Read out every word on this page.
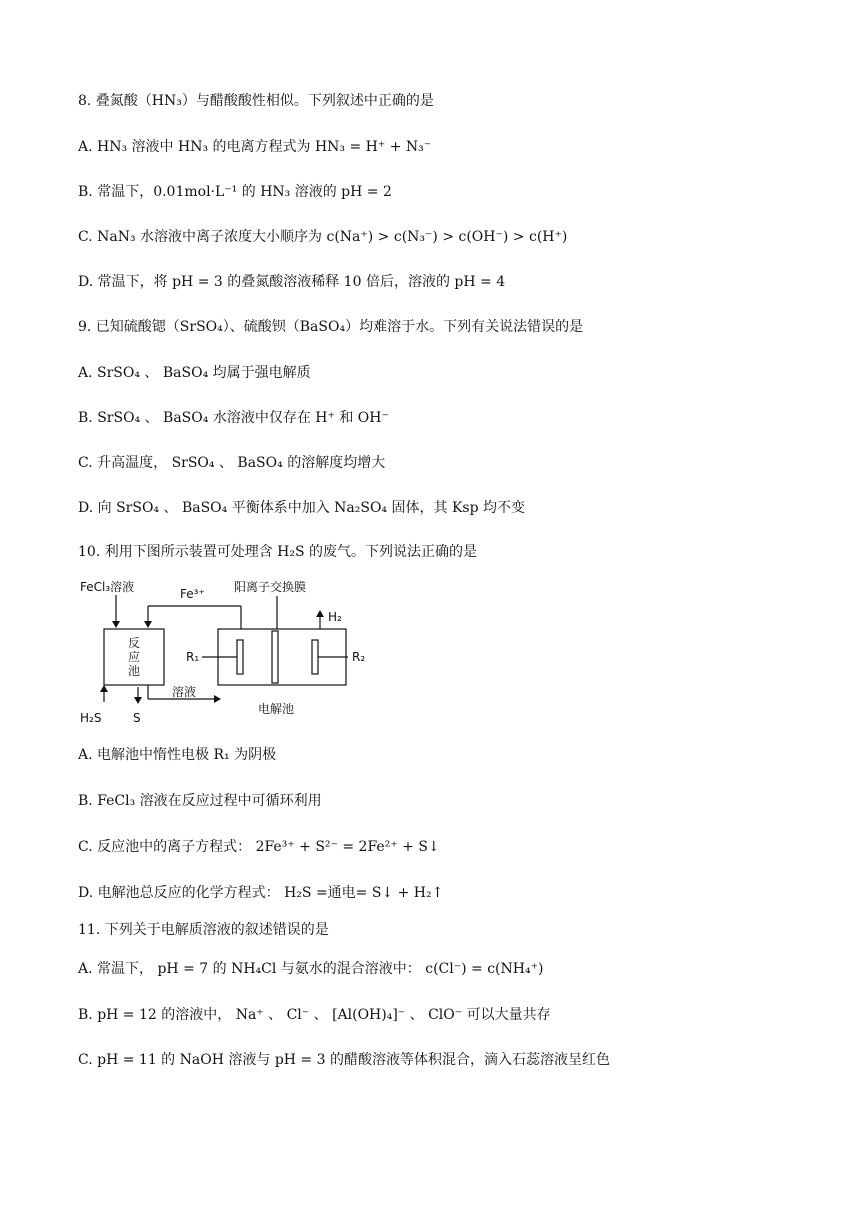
8. 叠氮酸（HN₃）与醋酸酸性相似。下列叙述中正确的是
A. HN₃ 溶液中 HN₃ 的电离方程式为 HN₃ = H⁺ + N₃⁻
B. 常温下，0.01mol·L⁻¹ 的 HN₃ 溶液的 pH = 2
C. NaN₃ 水溶液中离子浓度大小顺序为 c(Na⁺) > c(N₃⁻) > c(OH⁻) > c(H⁺)
D. 常温下，将 pH = 3 的叠氮酸溶液稀释 10 倍后，溶液的 pH = 4
9. 已知硫酸锶（SrSO₄）、硫酸钡（BaSO₄）均难溶于水。下列有关说法错误的是
A. SrSO₄ 、 BaSO₄ 均属于强电解质
B. SrSO₄ 、 BaSO₄ 水溶液中仅存在 H⁺ 和 OH⁻
C. 升高温度， SrSO₄ 、 BaSO₄ 的溶解度均增大
D. 向 SrSO₄ 、 BaSO₄ 平衡体系中加入 Na₂SO₄ 固体，其 Ksp 均不变
10. 利用下图所示装置可处理含 H₂S 的废气。下列说法正确的是
FeCl₃溶液	Fe³⁺ 阳离子交换膜
H₂
反
应
池
R₁	R₂
溶液
H₂S	S
电解池
A. 电解池中惰性电极 R₁ 为阴极
B. FeCl₃ 溶液在反应过程中可循环利用
C. 反应池中的离子方程式： 2Fe³⁺ + S²⁻ = 2Fe²⁺ + S↓
D. 电解池总反应的化学方程式： H₂S =通电= S↓ + H₂↑
11. 下列关于电解质溶液的叙述错误的是
A. 常温下， pH = 7 的 NH₄Cl 与氨水的混合溶液中： c(Cl⁻) = c(NH₄⁺)
B. pH = 12 的溶液中， Na⁺ 、 Cl⁻ 、 [Al(OH)₄]⁻ 、 ClO⁻ 可以大量共存
C. pH = 11 的 NaOH 溶液与 pH = 3 的醋酸溶液等体积混合，滴入石蕊溶液呈红色
